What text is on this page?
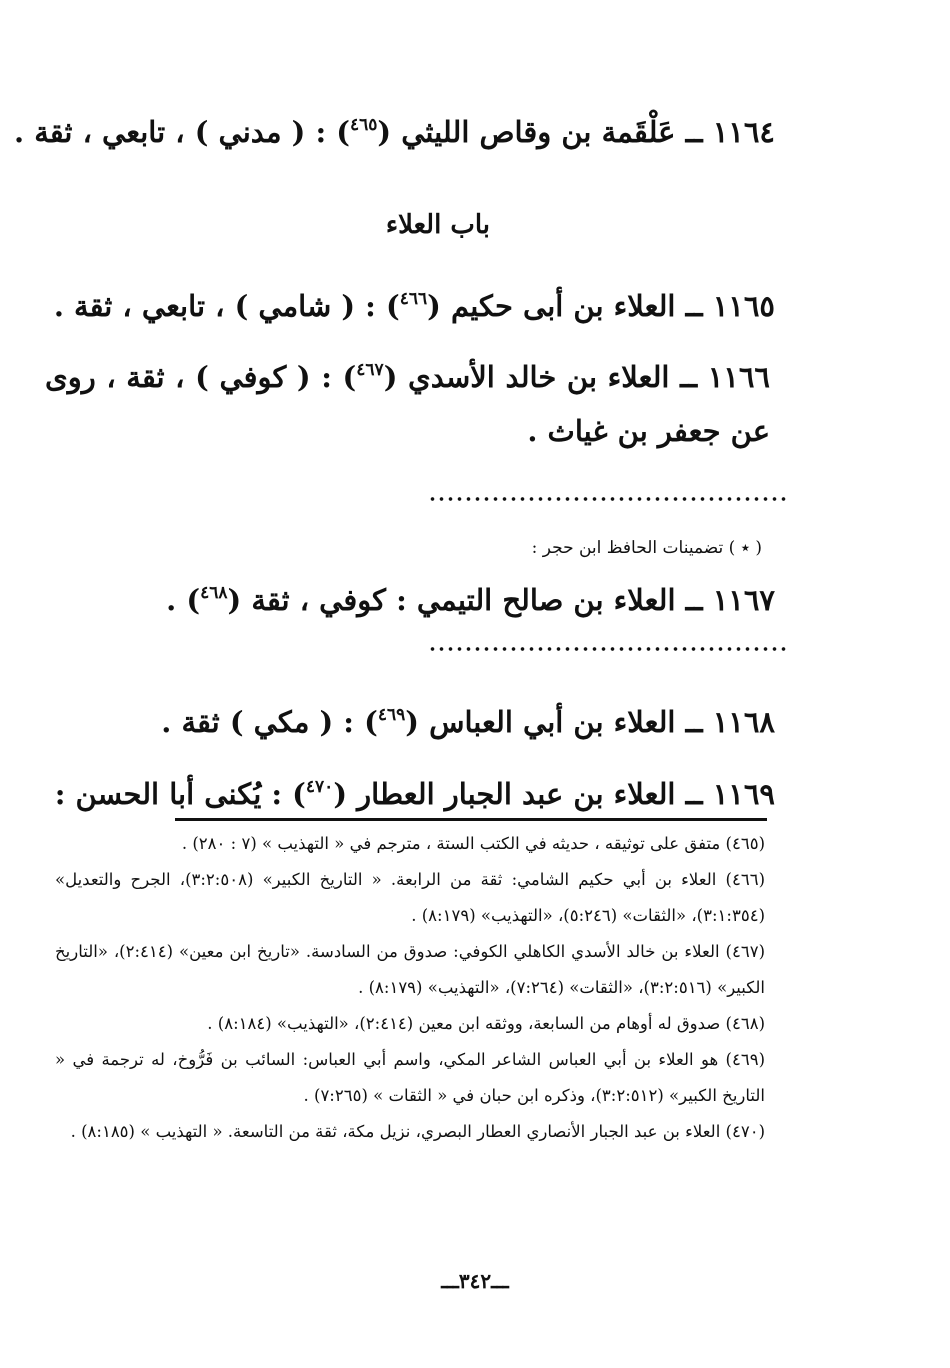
١١٦٤ ــ عَلْقَمة بن وقاص الليثي ($^{٤٦٥}$) : ( مدني ) ، تابعي ، ثقة .
باب العلاء
١١٦٥ ــ العلاء بن أبى حكيم ($^{٤٦٦}$) : ( شامي ) ، تابعي ، ثقة .
١١٦٦ ــ العلاء بن خالد الأسدي ($^{٤٦٧}$) : ( كوفي ) ، ثقة ، روى عن جعفر بن غياث .
( ٭ ) تضمينات الحافظ ابن حجر :
١١٦٧ ــ العلاء بن صالح التيمي : كوفي ، ثقة ($^{٤٦٨}$) .
١١٦٨ ــ العلاء بن أبي العباس ($^{٤٦٩}$) : ( مكي ) ثقة .
١١٦٩ ــ العلاء بن عبد الجبار العطار ($^{٤٧٠}$) : يُكنى أبا الحسن :
(٤٦٥) متفق على توثيقه ، حديثه في الكتب الستة ، مترجم في « التهذيب » (٧ : ٢٨٠) .
(٤٦٦) العلاء بن أبي حكيم الشامي: ثقة من الرابعة. « التاريخ الكبير» (٣:٢:٥٠٨)، الجرح والتعديل» (٣:١:٣٥٤)، «الثقات» (٥:٢٤٦)، «التهذيب» (٨:١٧٩) .
(٤٦٧) العلاء بن خالد الأسدي الكاهلي الكوفي: صدوق من السادسة. «تاريخ ابن معين» (٢:٤١٤)، «التاريخ الكبير» (٣:٢:٥١٦)، «الثقات» (٧:٢٦٤)، «التهذيب» (٨:١٧٩) .
(٤٦٨) صدوق له أوهام من السابعة، ووثقه ابن معين (٢:٤١٤)، «التهذيب» (٨:١٨٤) .
(٤٦٩) هو العلاء بن أبي العباس الشاعر المكي، واسم أبي العباس: السائب بن فَرُّوخ، له ترجمة في « التاريخ الكبير» (٣:٢:٥١٢)، وذكره ابن حبان في « الثقات » (٧:٢٦٥) .
(٤٧٠) العلاء بن عبد الجبار الأنصاري العطار البصري، نزيل مكة، ثقة من التاسعة. « التهذيب » (٨:١٨٥) .
ـــ٣٤٢ـــ
